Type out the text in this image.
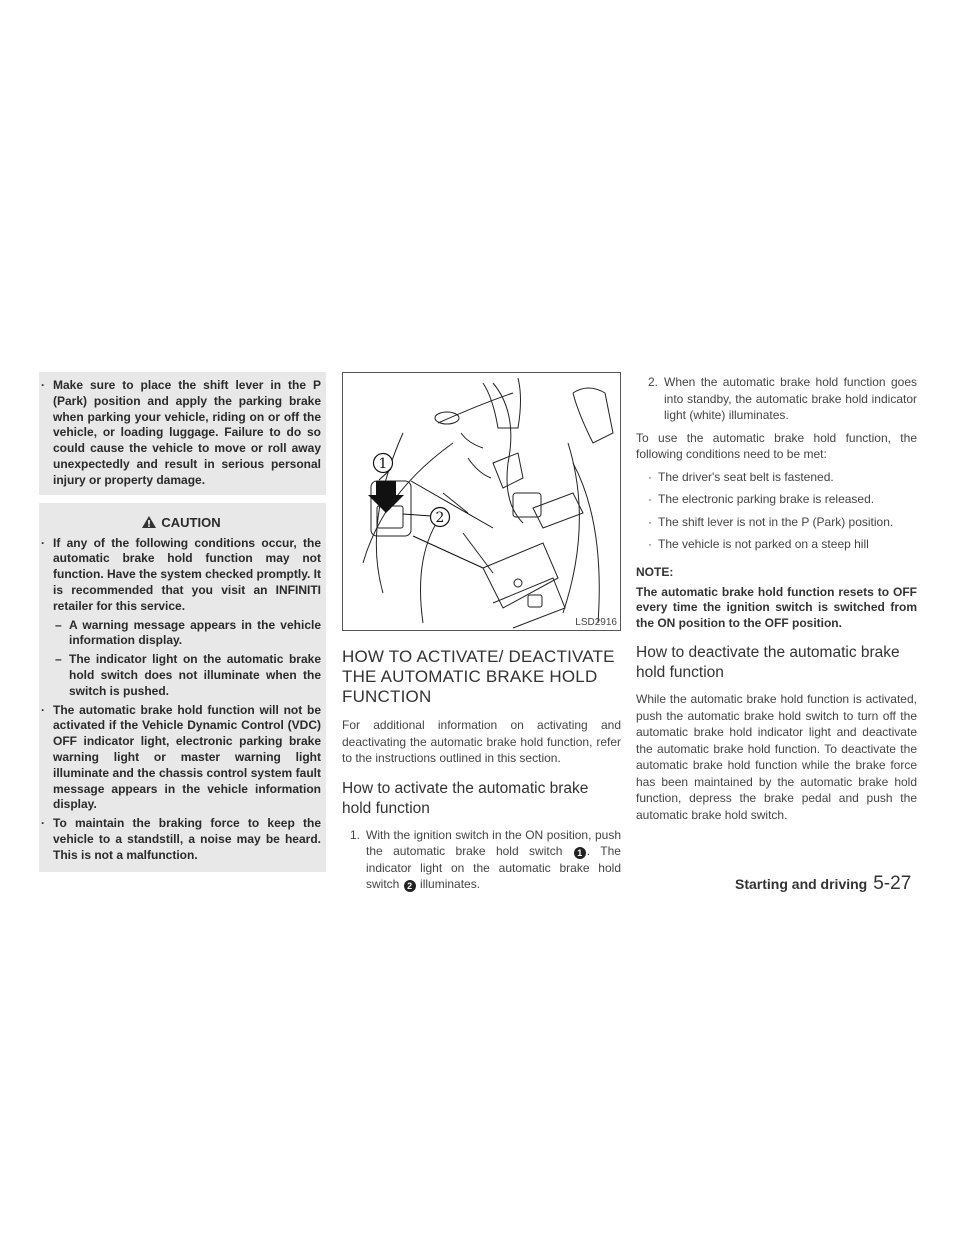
· Make sure to place the shift lever in the P (Park) position and apply the parking brake when parking your vehicle, riding on or off the vehicle, or loading luggage. Failure to do so could cause the vehicle to move or roll away unexpectedly and result in serious personal injury or property damage.
CAUTION
· If any of the following conditions occur, the automatic brake hold function may not function. Have the system checked promptly. It is recommended that you visit an INFINITI retailer for this service.
– A warning message appears in the vehicle information display.
– The indicator light on the automatic brake hold switch does not illuminate when the switch is pushed.
· The automatic brake hold function will not be activated if the Vehicle Dynamic Control (VDC) OFF indicator light, electronic parking brake warning light or master warning light illuminate and the chassis control system fault message appears in the vehicle information display.
· To maintain the braking force to keep the vehicle to a standstill, a noise may be heard. This is not a malfunction.
1
2
LSD2916
HOW TO ACTIVATE/ DEACTIVATE THE AUTOMATIC BRAKE HOLD FUNCTION

For additional information on activating and deactivating the automatic brake hold function, refer to the instructions outlined in this section.

How to activate the automatic brake hold function
1. With the ignition switch in the ON position, push the automatic brake hold switch 1 . The indicator light on the automatic brake hold switch 2 illuminates.
2. When the automatic brake hold function goes into standby, the automatic brake hold indicator light (white) illuminates.

To use the automatic brake hold function, the following conditions need to be met:

· The driver's seat belt is fastened.
· The electronic parking brake is released.
· The shift lever is not in the P (Park) position.
· The vehicle is not parked on a steep hill
NOTE:

The automatic brake hold function resets to OFF every time the ignition switch is switched from the ON position to the OFF position.

How to deactivate the automatic brake hold function

While the automatic brake hold function is activated, push the automatic brake hold switch to turn off the automatic brake hold indicator light and deactivate the automatic brake hold function. To deactivate the automatic brake hold function while the brake force has been maintained by the automatic brake hold function, depress the brake pedal and push the automatic brake hold switch.

Starting and driving 5-27
